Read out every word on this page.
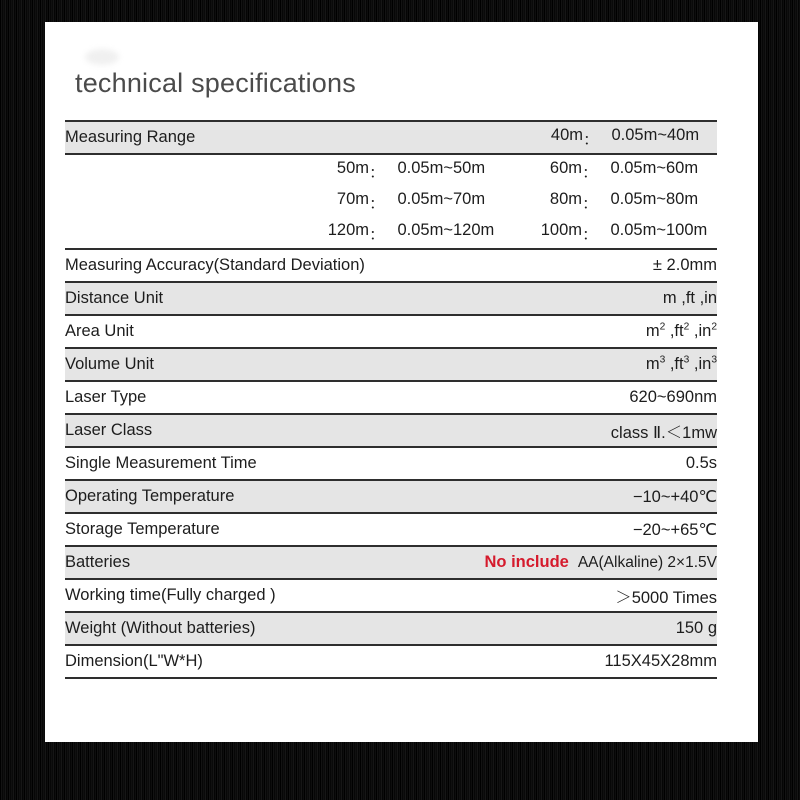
technical specifications
Measuring Range	40m ： 0.05m~40m

50m ： 0.05m~50m	60m ： 0.05m~60m

70m ： 0.05m~70m	80m ： 0.05m~80m

120m ： 0.05m~120m	100m ： 0.05m~100m

Measuring Accuracy(Standard Deviation)	± 2.0mm
Distance Unit	m ,ft ,in
Area Unit	$m^2$ $,ft^2$ $,in^2$
Volume Unit	$m^3$ $,ft^3$ $,in^3$
Laser Type	620~690nm
Laser Class	class Ⅱ.＜1mw
Single Measurement Time	0.5s
Operating Temperature	−10~+40℃
Storage Temperature	−20~+65℃
Batteries	No include AA(Alkaline) 2×1.5V
Working time(Fully charged )	＞5000 Times
Weight (Without batteries)	150 g
Dimension(L"W*H)	115X45X28mm
